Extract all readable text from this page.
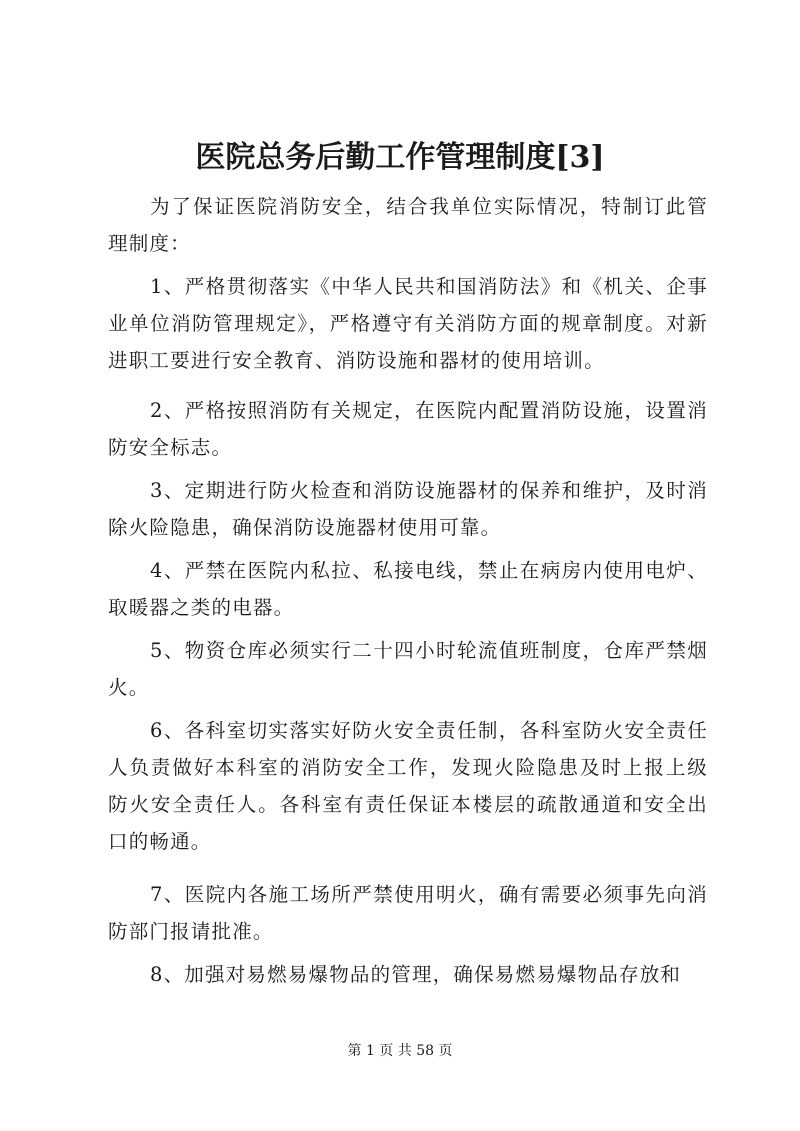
医院总务后勤工作管理制度[3]

为了保证医院消防安全，结合我单位实际情况，特制订此管理制度：

1、严格贯彻落实《中华人民共和国消防法》和《机关、企事业单位消防管理规定》，严格遵守有关消防方面的规章制度。对新进职工要进行安全教育、消防设施和器材的使用培训。

2、严格按照消防有关规定，在医院内配置消防设施，设置消防安全标志。

3、定期进行防火检查和消防设施器材的保养和维护，及时消除火险隐患，确保消防设施器材使用可靠。

4、严禁在医院内私拉、私接电线，禁止在病房内使用电炉、取暖器之类的电器。

5、物资仓库必须实行二十四小时轮流值班制度，仓库严禁烟火。

6、各科室切实落实好防火安全责任制，各科室防火安全责任人负责做好本科室的消防安全工作，发现火险隐患及时上报上级防火安全责任人。各科室有责任保证本楼层的疏散通道和安全出口的畅通。

7、医院内各施工场所严禁使用明火，确有需要必须事先向消防部门报请批准。

8、加强对易燃易爆物品的管理，确保易燃易爆物品存放和

第 1 页 共 58 页
